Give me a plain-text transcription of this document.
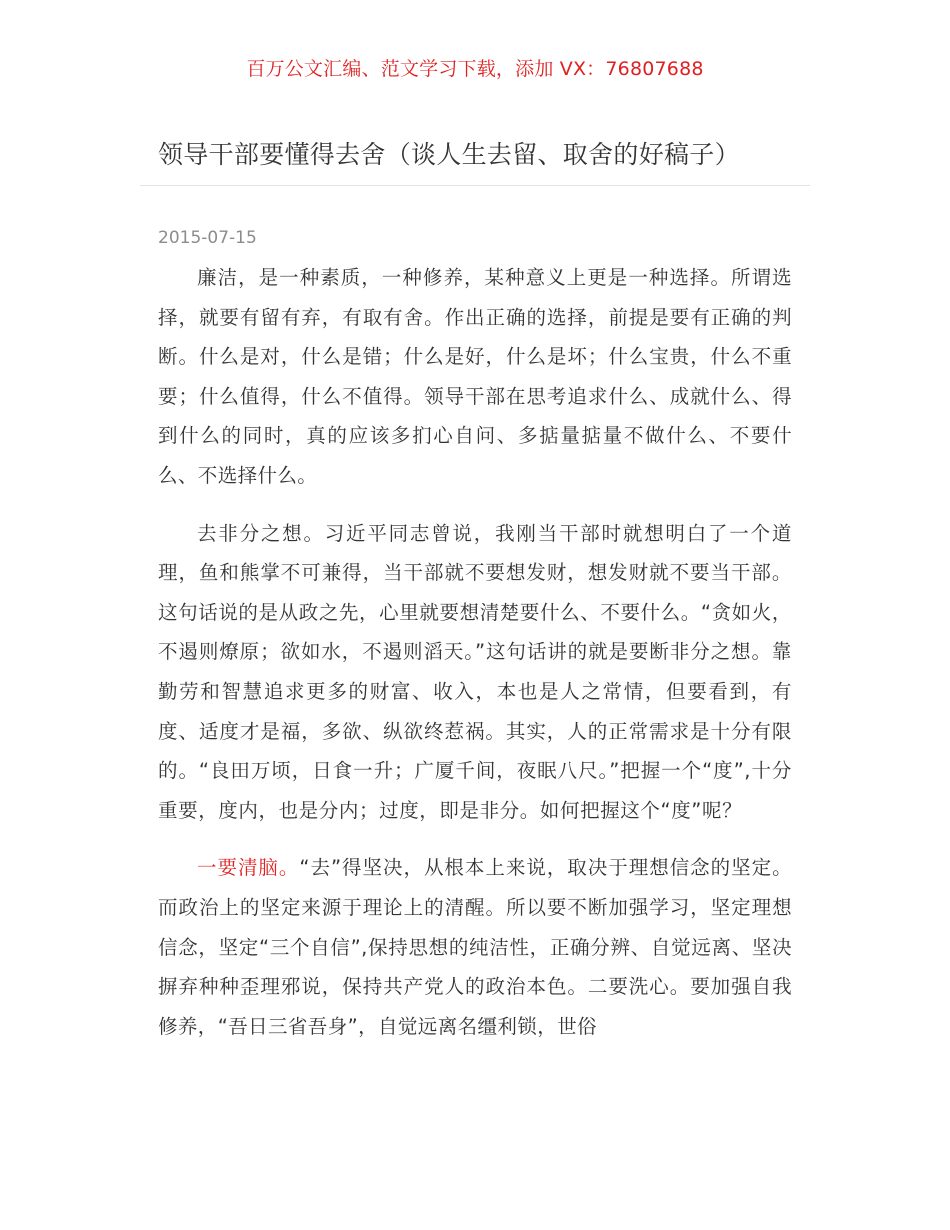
百万公文汇编、范文学习下载，添加 VX：76807688
领导干部要懂得去舍（谈人生去留、取舍的好稿子）
2015-07-15

廉洁，是一种素质，一种修养，某种意义上更是一种选择。所谓选择，就要有留有弃，有取有舍。作出正确的选择，前提是要有正确的判断。什么是对，什么是错；什么是好，什么是坏；什么宝贵，什么不重要；什么值得，什么不值得。领导干部在思考追求什么、成就什么、得到什么的同时，真的应该多扪心自问、多掂量掂量不做什么、不要什么、不选择什么。

去非分之想。习近平同志曾说，我刚当干部时就想明白了一个道理，鱼和熊掌不可兼得，当干部就不要想发财，想发财就不要当干部。这句话说的是从政之先，心里就要想清楚要什么、不要什么。“贪如火，不遏则燎原；欲如水，不遏则滔天。”这句话讲的就是要断非分之想。靠勤劳和智慧追求更多的财富、收入，本也是人之常情，但要看到，有度、适度才是福，多欲、纵欲终惹祸。其实，人的正常需求是十分有限的。“良田万顷，日食一升；广厦千间，夜眠八尺。”把握一个“度”,十分重要，度内，也是分内；过度，即是非分。如何把握这个“度”呢？

一要清脑。“去”得坚决，从根本上来说，取决于理想信念的坚定。而政治上的坚定来源于理论上的清醒。所以要不断加强学习，坚定理想信念，坚定“三个自信”,保持思想的纯洁性，正确分辨、自觉远离、坚决摒弃种种歪理邪说，保持共产党人的政治本色。二要洗心。要加强自我修养，“吾日三省吾身”，自觉远离名缰利锁，世俗
